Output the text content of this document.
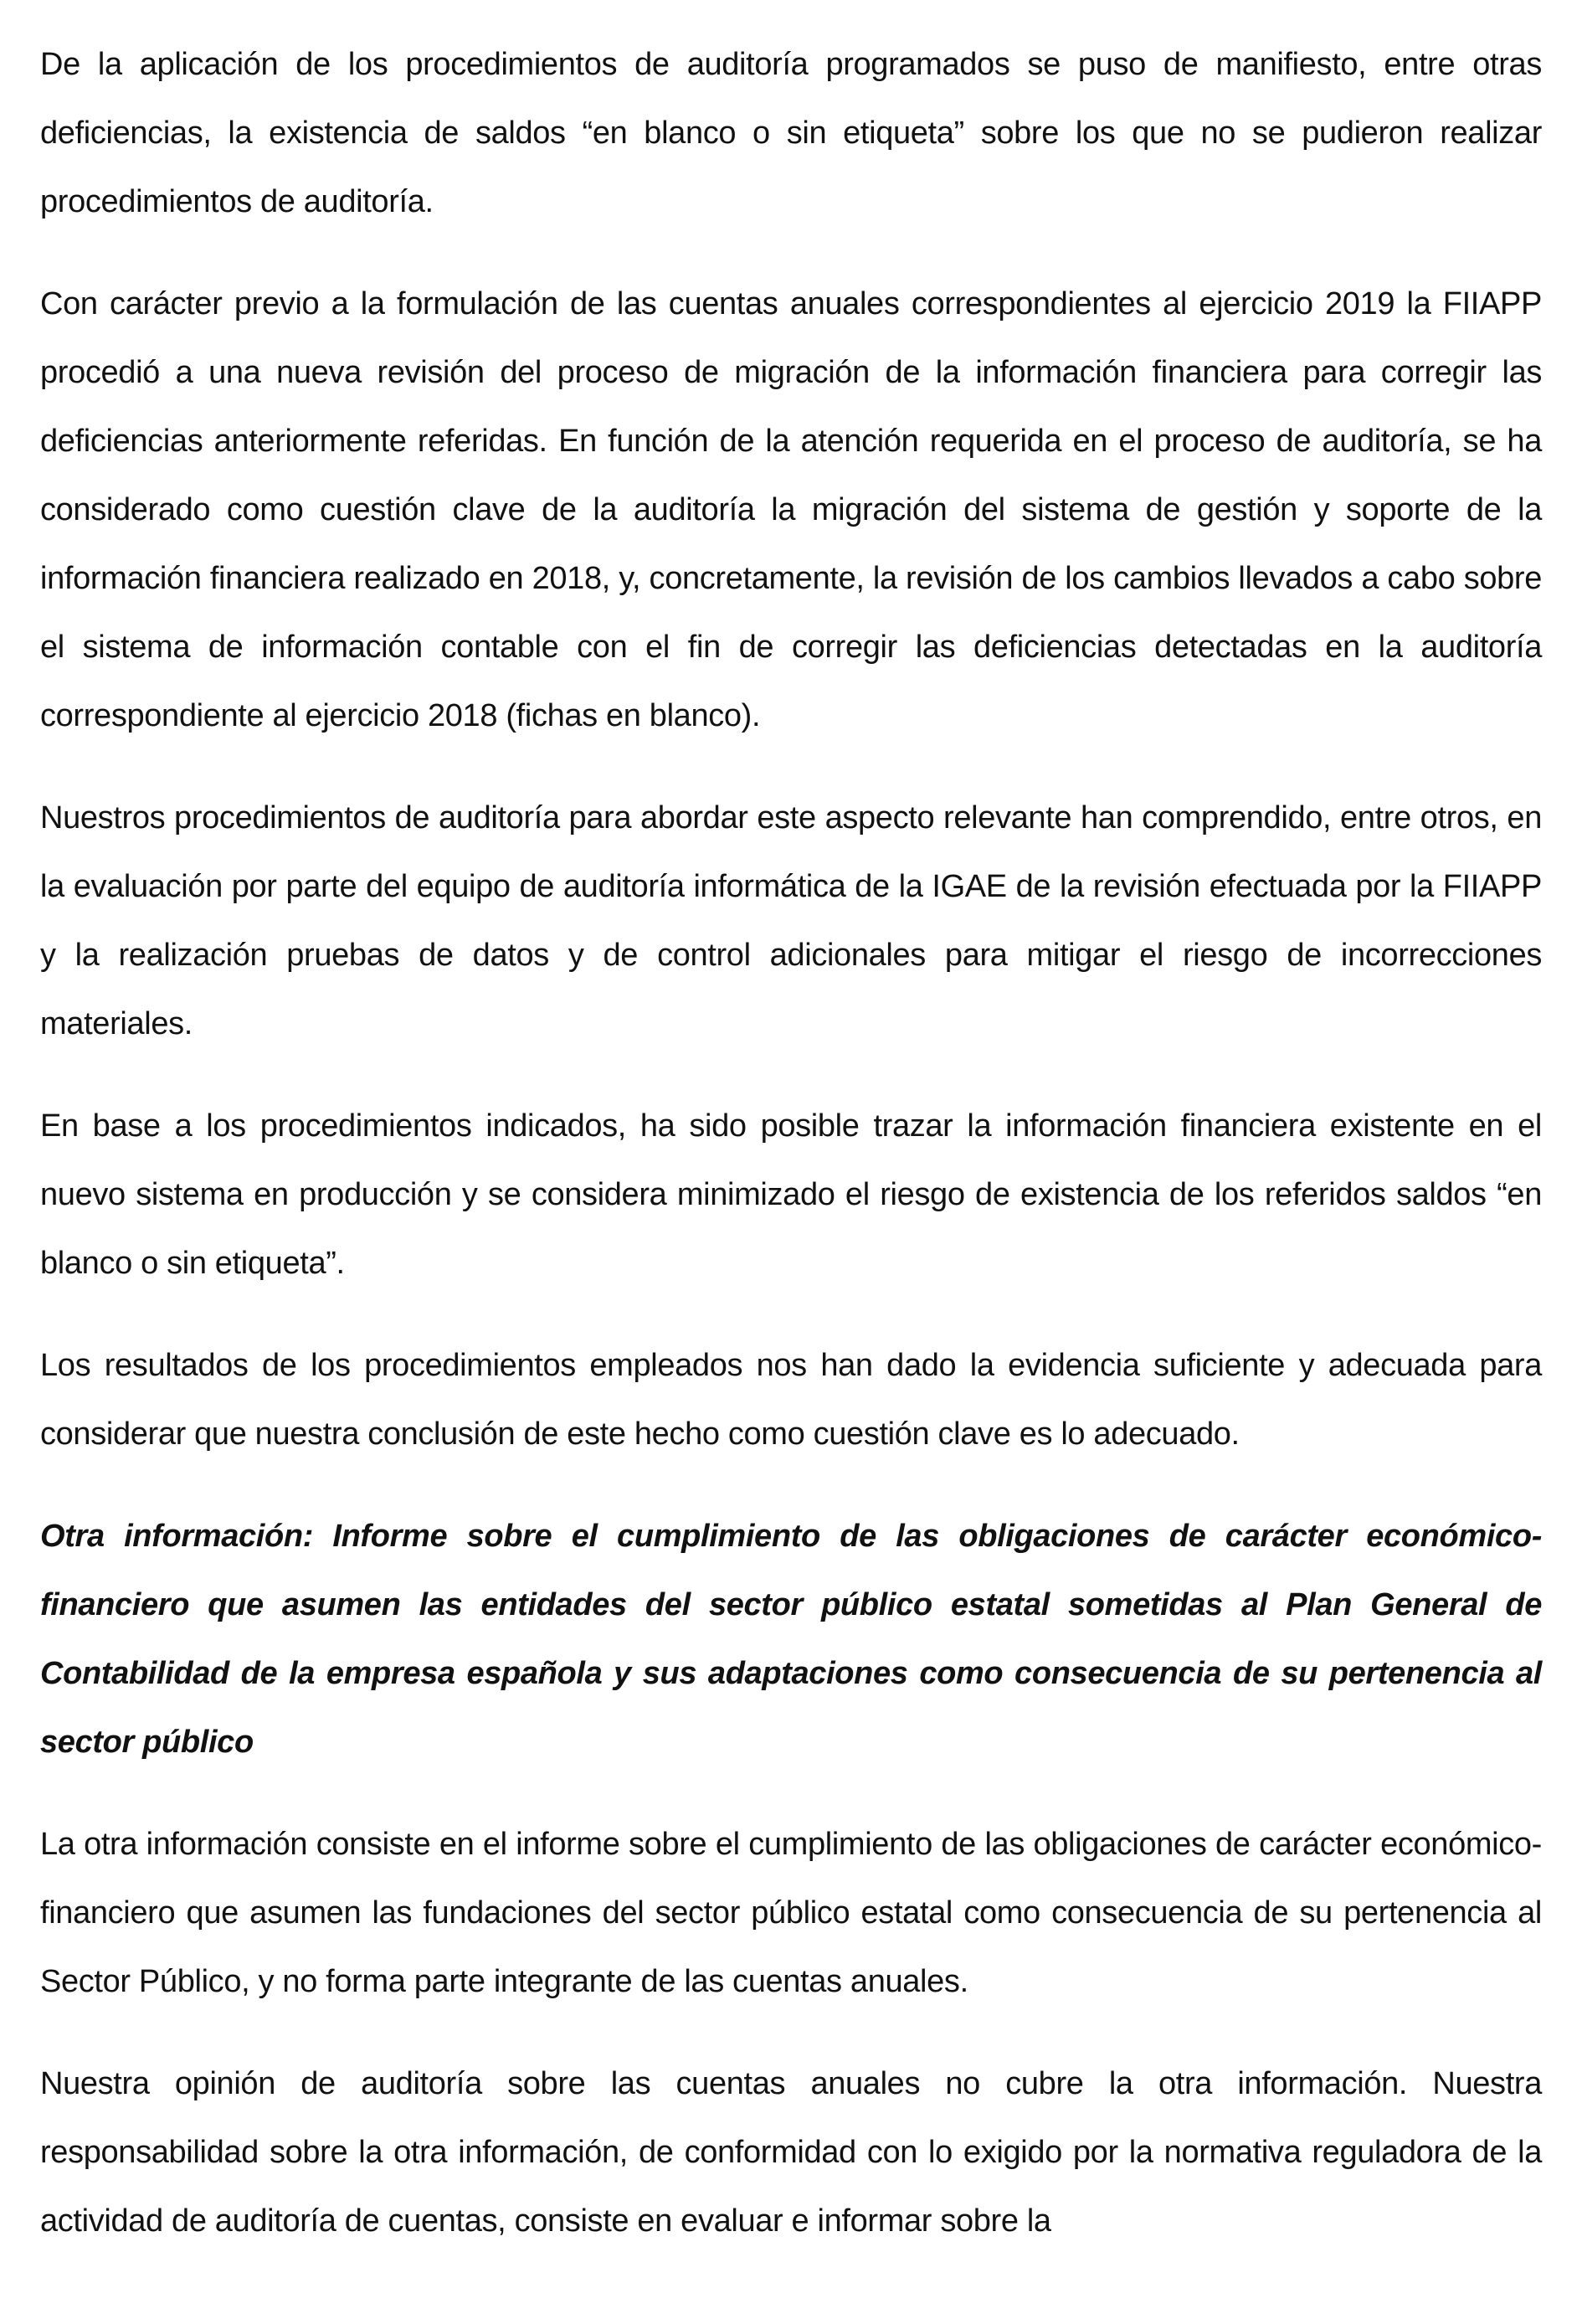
De la aplicación de los procedimientos de auditoría programados se puso de manifiesto, entre otras deficiencias, la existencia de saldos “en blanco o sin etiqueta” sobre los que no se pudieron realizar procedimientos de auditoría.

Con carácter previo a la formulación de las cuentas anuales correspondientes al ejercicio 2019 la FIIAPP procedió a una nueva revisión del proceso de migración de la información financiera para corregir las deficiencias anteriormente referidas. En función de la atención requerida en el proceso de auditoría, se ha considerado como cuestión clave de la auditoría la migración del sistema de gestión y soporte de la información financiera realizado en 2018, y, concretamente, la revisión de los cambios llevados a cabo sobre el sistema de información contable con el fin de corregir las deficiencias detectadas en la auditoría correspondiente al ejercicio 2018 (fichas en blanco).

Nuestros procedimientos de auditoría para abordar este aspecto relevante han comprendido, entre otros, en la evaluación por parte del equipo de auditoría informática de la IGAE de la revisión efectuada por la FIIAPP y la realización pruebas de datos y de control adicionales para mitigar el riesgo de incorrecciones materiales.

En base a los procedimientos indicados, ha sido posible trazar la información financiera existente en el nuevo sistema en producción y se considera minimizado el riesgo de existencia de los referidos saldos “en blanco o sin etiqueta”.

Los resultados de los procedimientos empleados nos han dado la evidencia suficiente y adecuada para considerar que nuestra conclusión de este hecho como cuestión clave es lo adecuado.

Otra información: Informe sobre el cumplimiento de las obligaciones de carácter económico-financiero que asumen las entidades del sector público estatal sometidas al Plan General de Contabilidad de la empresa española y sus adaptaciones como consecuencia de su pertenencia al sector público

La otra información consiste en el informe sobre el cumplimiento de las obligaciones de carácter económico-financiero que asumen las fundaciones del sector público estatal como consecuencia de su pertenencia al Sector Público, y no forma parte integrante de las cuentas anuales.

Nuestra opinión de auditoría sobre las cuentas anuales no cubre la otra información. Nuestra responsabilidad sobre la otra información, de conformidad con lo exigido por la normativa reguladora de la actividad de auditoría de cuentas, consiste en evaluar e informar sobre la
